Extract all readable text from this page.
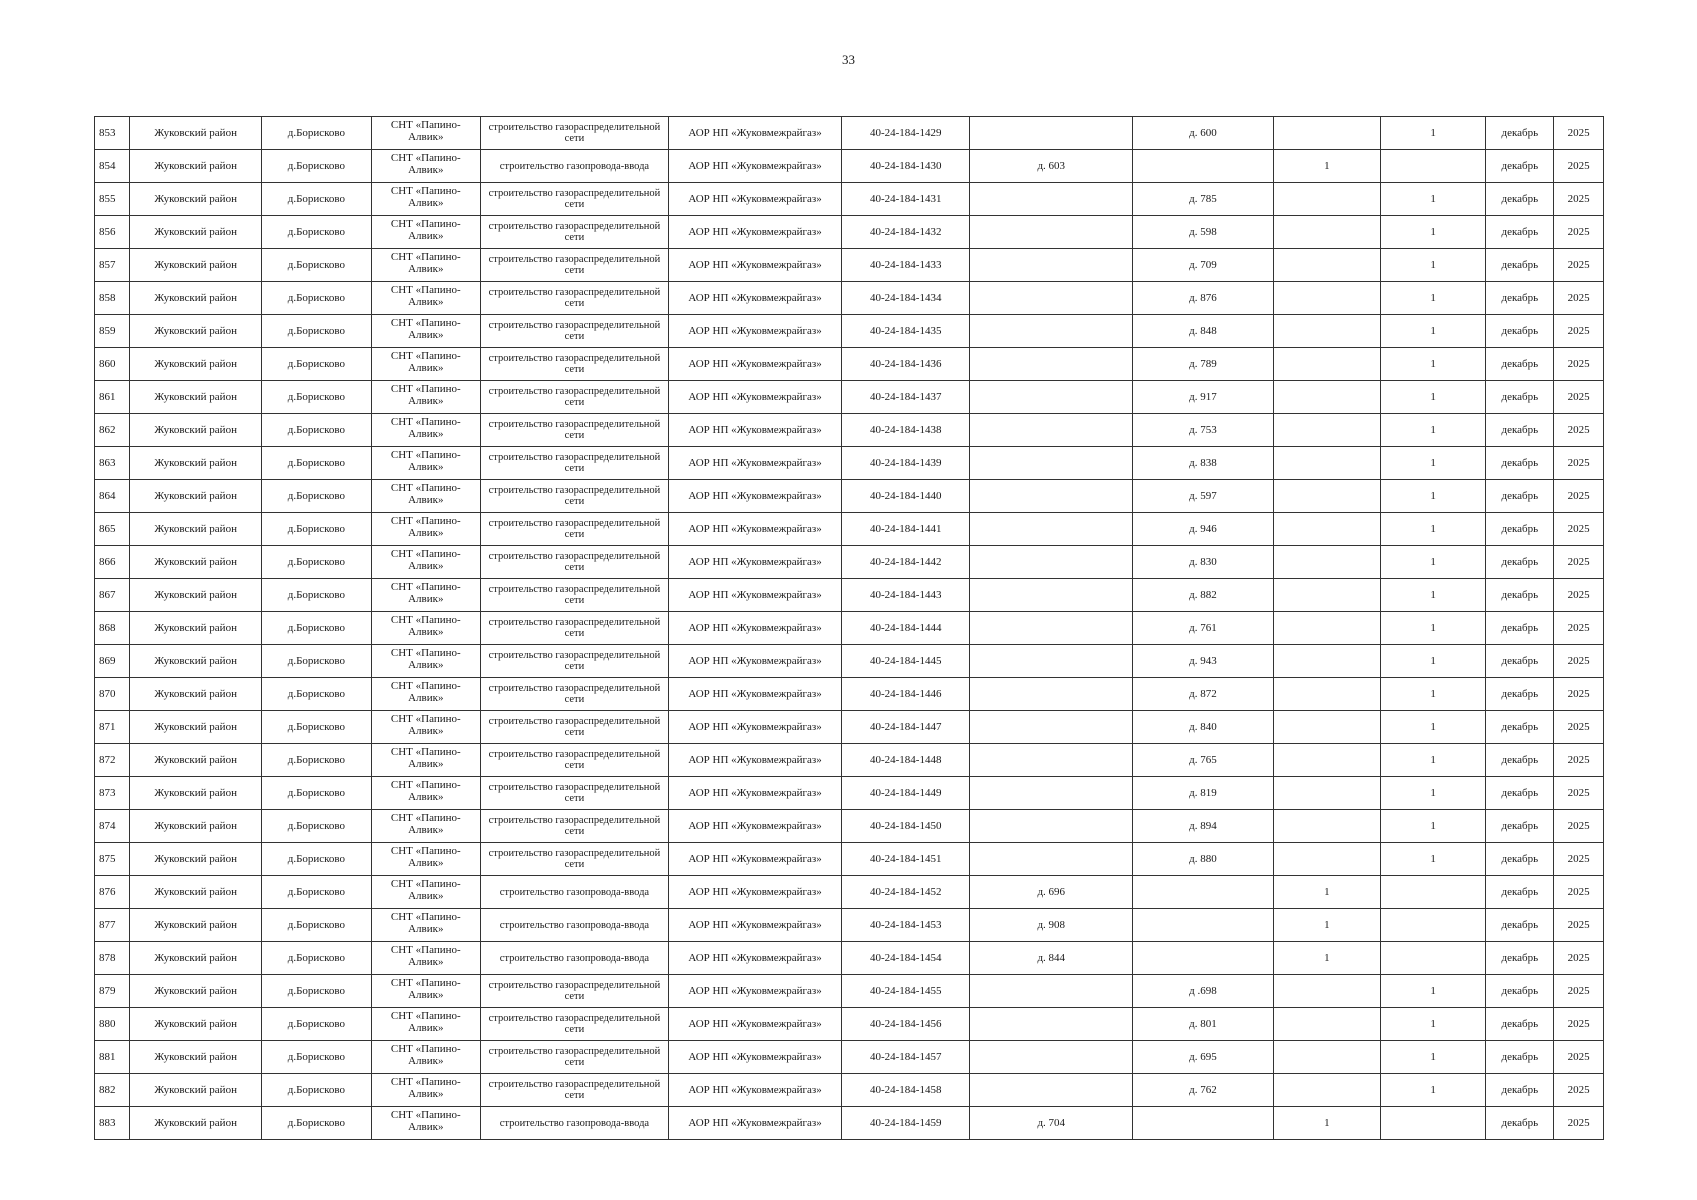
33
853	Жуковский район	д.Борисково	СНТ «Папино-Алвик»	строительство газораспределительной сети	АОР НП «Жуковмежрайгаз»	40-24-184-1429		д. 600		1	декабрь	2025
854	Жуковский район	д.Борисково	СНТ «Папино-Алвик»	строительство газопровода-ввода	АОР НП «Жуковмежрайгаз»	40-24-184-1430	д. 603		1		декабрь	2025
855	Жуковский район	д.Борисково	СНТ «Папино-Алвик»	строительство газораспределительной сети	АОР НП «Жуковмежрайгаз»	40-24-184-1431		д. 785		1	декабрь	2025
856	Жуковский район	д.Борисково	СНТ «Папино-Алвик»	строительство газораспределительной сети	АОР НП «Жуковмежрайгаз»	40-24-184-1432		д. 598		1	декабрь	2025
857	Жуковский район	д.Борисково	СНТ «Папино-Алвик»	строительство газораспределительной сети	АОР НП «Жуковмежрайгаз»	40-24-184-1433		д. 709		1	декабрь	2025
858	Жуковский район	д.Борисково	СНТ «Папино-Алвик»	строительство газораспределительной сети	АОР НП «Жуковмежрайгаз»	40-24-184-1434		д. 876		1	декабрь	2025
859	Жуковский район	д.Борисково	СНТ «Папино-Алвик»	строительство газораспределительной сети	АОР НП «Жуковмежрайгаз»	40-24-184-1435		д. 848		1	декабрь	2025
860	Жуковский район	д.Борисково	СНТ «Папино-Алвик»	строительство газораспределительной сети	АОР НП «Жуковмежрайгаз»	40-24-184-1436		д. 789		1	декабрь	2025
861	Жуковский район	д.Борисково	СНТ «Папино-Алвик»	строительство газораспределительной сети	АОР НП «Жуковмежрайгаз»	40-24-184-1437		д. 917		1	декабрь	2025
862	Жуковский район	д.Борисково	СНТ «Папино-Алвик»	строительство газораспределительной сети	АОР НП «Жуковмежрайгаз»	40-24-184-1438		д. 753		1	декабрь	2025
863	Жуковский район	д.Борисково	СНТ «Папино-Алвик»	строительство газораспределительной сети	АОР НП «Жуковмежрайгаз»	40-24-184-1439		д. 838		1	декабрь	2025
864	Жуковский район	д.Борисково	СНТ «Папино-Алвик»	строительство газораспределительной сети	АОР НП «Жуковмежрайгаз»	40-24-184-1440		д. 597		1	декабрь	2025
865	Жуковский район	д.Борисково	СНТ «Папино-Алвик»	строительство газораспределительной сети	АОР НП «Жуковмежрайгаз»	40-24-184-1441		д. 946		1	декабрь	2025
866	Жуковский район	д.Борисково	СНТ «Папино-Алвик»	строительство газораспределительной сети	АОР НП «Жуковмежрайгаз»	40-24-184-1442		д. 830		1	декабрь	2025
867	Жуковский район	д.Борисково	СНТ «Папино-Алвик»	строительство газораспределительной сети	АОР НП «Жуковмежрайгаз»	40-24-184-1443		д. 882		1	декабрь	2025
868	Жуковский район	д.Борисково	СНТ «Папино-Алвик»	строительство газораспределительной сети	АОР НП «Жуковмежрайгаз»	40-24-184-1444		д. 761		1	декабрь	2025
869	Жуковский район	д.Борисково	СНТ «Папино-Алвик»	строительство газораспределительной сети	АОР НП «Жуковмежрайгаз»	40-24-184-1445		д. 943		1	декабрь	2025
870	Жуковский район	д.Борисково	СНТ «Папино-Алвик»	строительство газораспределительной сети	АОР НП «Жуковмежрайгаз»	40-24-184-1446		д. 872		1	декабрь	2025
871	Жуковский район	д.Борисково	СНТ «Папино-Алвик»	строительство газораспределительной сети	АОР НП «Жуковмежрайгаз»	40-24-184-1447		д. 840		1	декабрь	2025
872	Жуковский район	д.Борисково	СНТ «Папино-Алвик»	строительство газораспределительной сети	АОР НП «Жуковмежрайгаз»	40-24-184-1448		д. 765		1	декабрь	2025
873	Жуковский район	д.Борисково	СНТ «Папино-Алвик»	строительство газораспределительной сети	АОР НП «Жуковмежрайгаз»	40-24-184-1449		д. 819		1	декабрь	2025
874	Жуковский район	д.Борисково	СНТ «Папино-Алвик»	строительство газораспределительной сети	АОР НП «Жуковмежрайгаз»	40-24-184-1450		д. 894		1	декабрь	2025
875	Жуковский район	д.Борисково	СНТ «Папино-Алвик»	строительство газораспределительной сети	АОР НП «Жуковмежрайгаз»	40-24-184-1451		д. 880		1	декабрь	2025
876	Жуковский район	д.Борисково	СНТ «Папино-Алвик»	строительство газопровода-ввода	АОР НП «Жуковмежрайгаз»	40-24-184-1452	д. 696		1		декабрь	2025
877	Жуковский район	д.Борисково	СНТ «Папино-Алвик»	строительство газопровода-ввода	АОР НП «Жуковмежрайгаз»	40-24-184-1453	д. 908		1		декабрь	2025
878	Жуковский район	д.Борисково	СНТ «Папино-Алвик»	строительство газопровода-ввода	АОР НП «Жуковмежрайгаз»	40-24-184-1454	д. 844		1		декабрь	2025
879	Жуковский район	д.Борисково	СНТ «Папино-Алвик»	строительство газораспределительной сети	АОР НП «Жуковмежрайгаз»	40-24-184-1455		д .698		1	декабрь	2025
880	Жуковский район	д.Борисково	СНТ «Папино-Алвик»	строительство газораспределительной сети	АОР НП «Жуковмежрайгаз»	40-24-184-1456		д. 801		1	декабрь	2025
881	Жуковский район	д.Борисково	СНТ «Папино-Алвик»	строительство газораспределительной сети	АОР НП «Жуковмежрайгаз»	40-24-184-1457		д. 695		1	декабрь	2025
882	Жуковский район	д.Борисково	СНТ «Папино-Алвик»	строительство газораспределительной сети	АОР НП «Жуковмежрайгаз»	40-24-184-1458		д. 762		1	декабрь	2025
883	Жуковский район	д.Борисково	СНТ «Папино-Алвик»	строительство газопровода-ввода	АОР НП «Жуковмежрайгаз»	40-24-184-1459	д. 704		1		декабрь	2025
